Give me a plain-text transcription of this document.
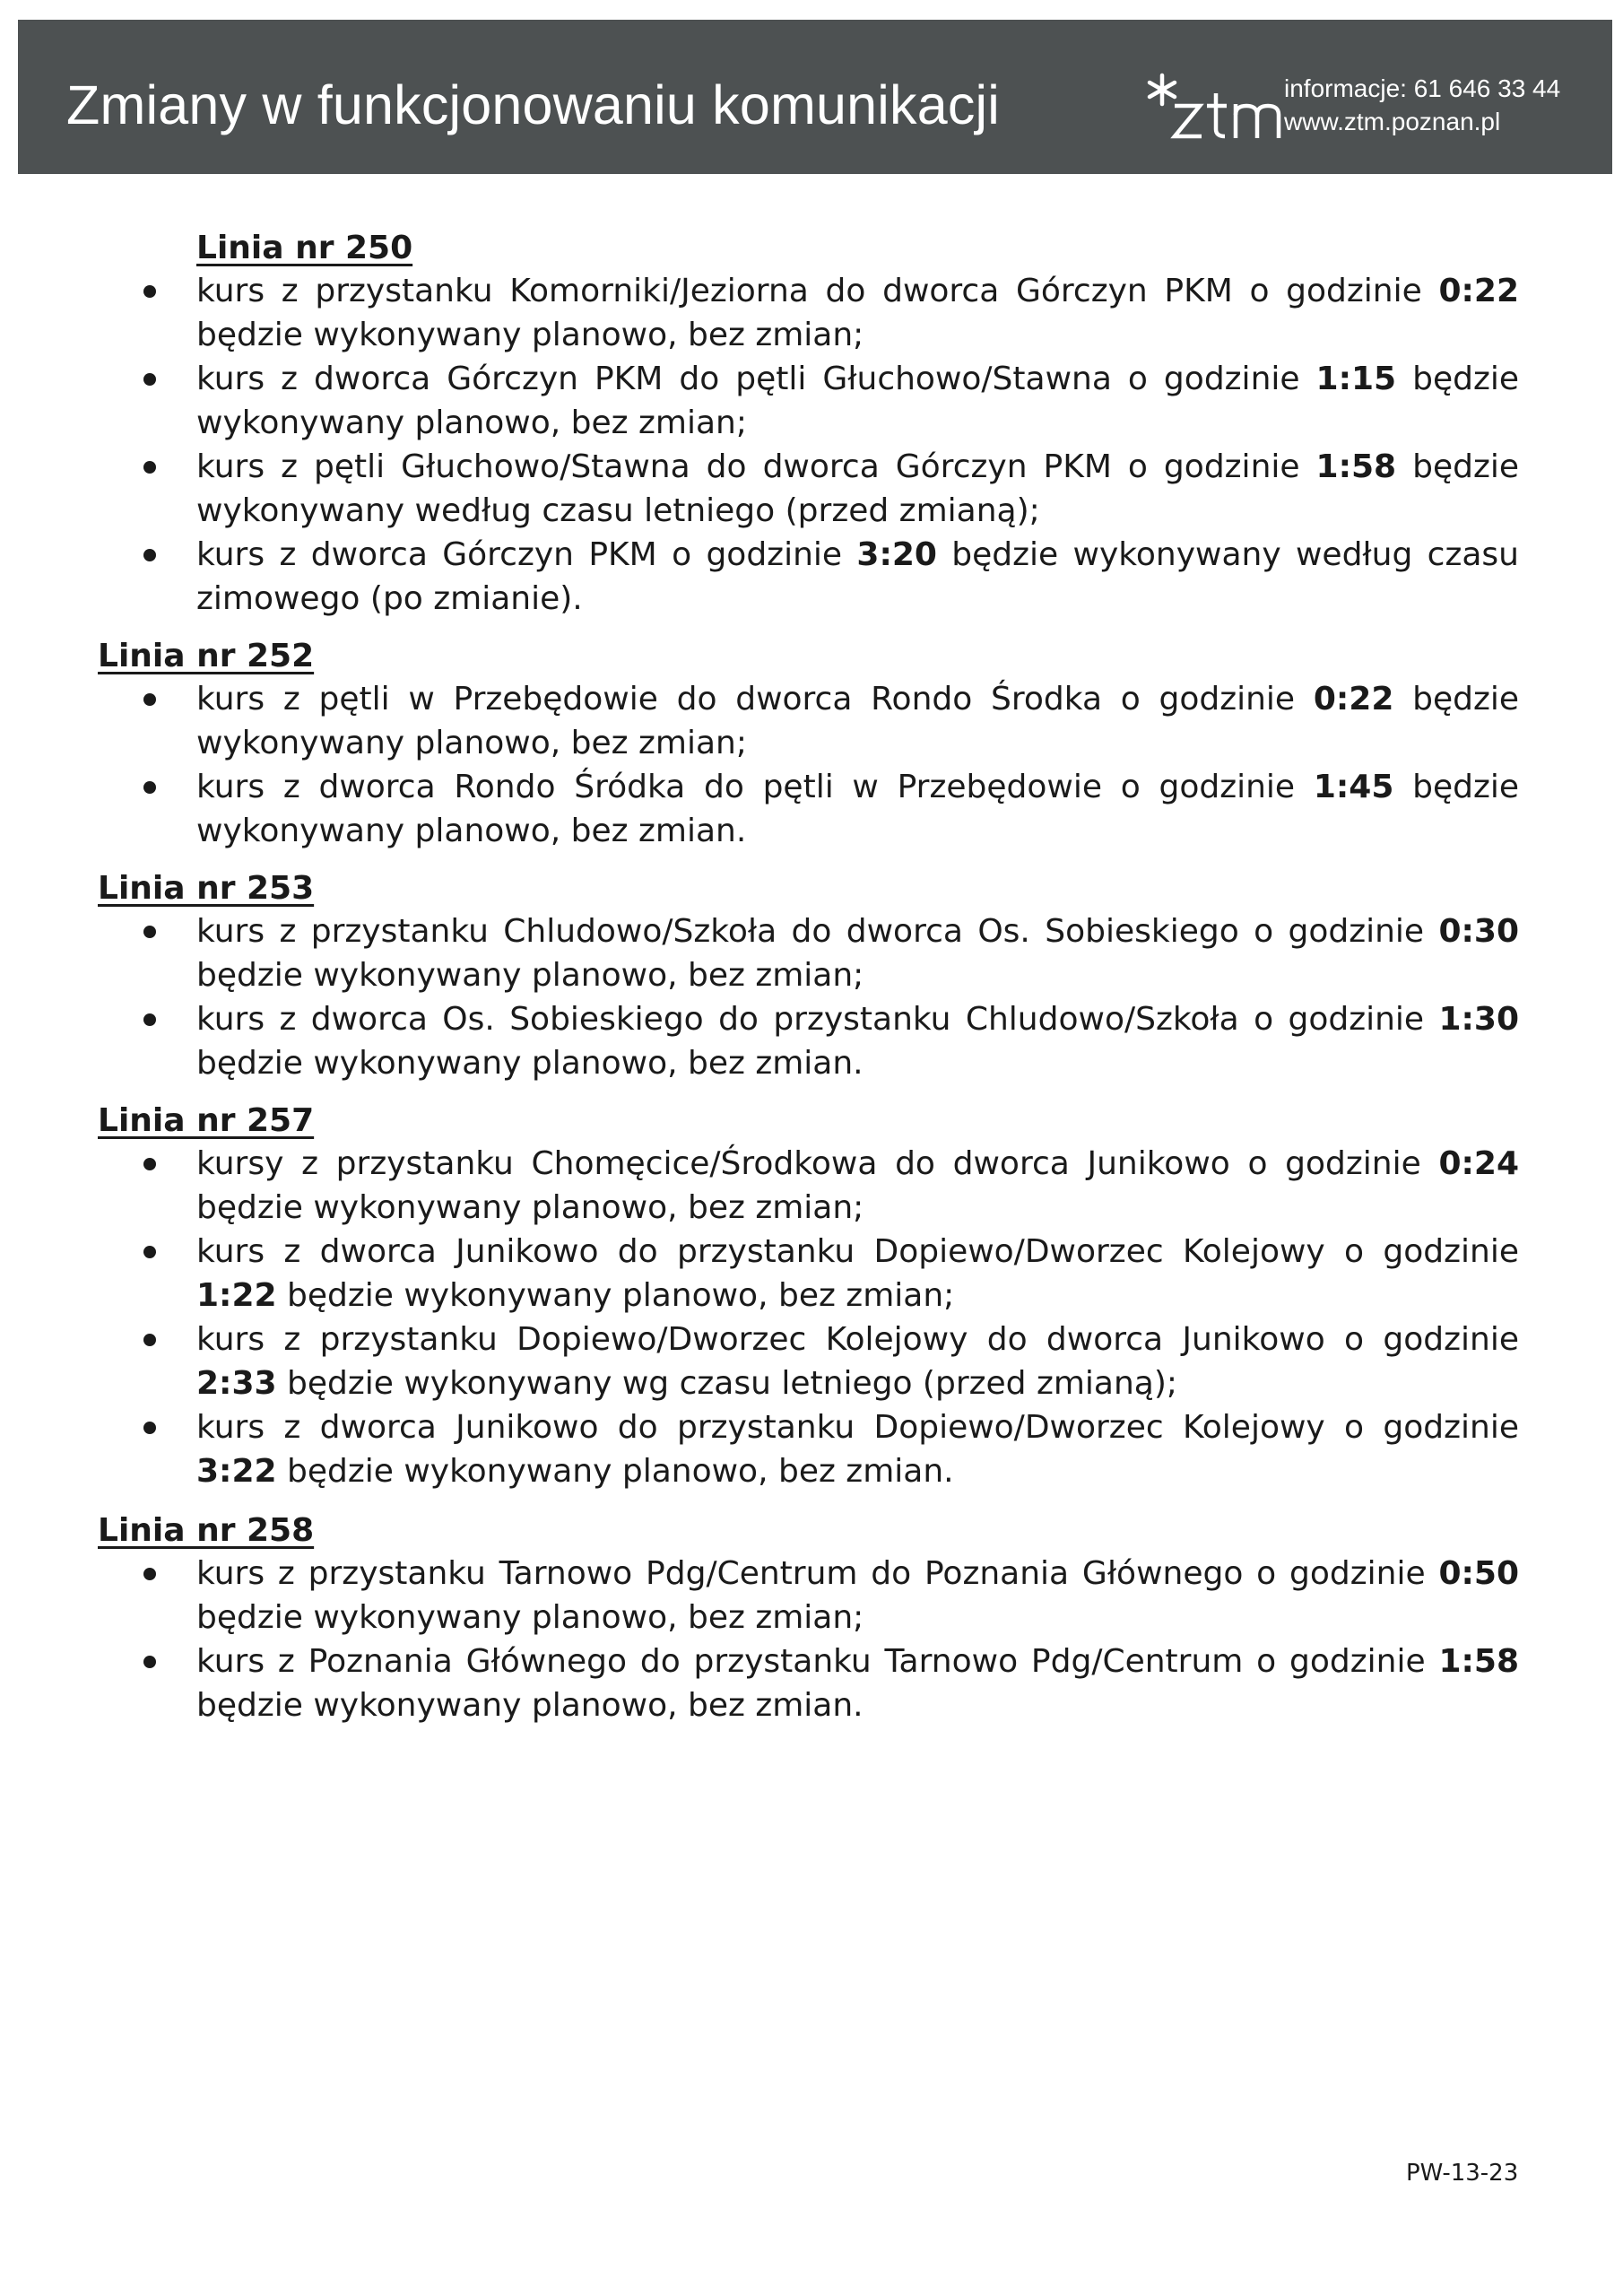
Zmiany w funkcjonowaniu komunikacji	informacje: 61 646 33 44
www.ztm.poznan.pl
Linia nr 250
kurs z przystanku Komorniki/Jeziorna do dworca Górczyn PKM o godzinie 0:22 będzie wykonywany planowo, bez zmian;
kurs z dworca Górczyn PKM do pętli Głuchowo/Stawna o godzinie 1:15 będzie wykonywany planowo, bez zmian;
kurs z pętli Głuchowo/Stawna do dworca Górczyn PKM o godzinie 1:58 będzie wykonywany według czasu letniego (przed zmianą);
kurs z dworca Górczyn PKM o godzinie 3:20 będzie wykonywany według czasu zimowego (po zmianie).
Linia nr 252
kurs z pętli w Przebędowie do dworca Rondo Środka o godzinie 0:22 będzie wykonywany planowo, bez zmian;
kurs z dworca Rondo Śródka do pętli w Przebędowie o godzinie 1:45 będzie wykonywany planowo, bez zmian.
Linia nr 253
kurs z przystanku Chludowo/Szkoła do dworca Os. Sobieskiego o godzinie 0:30 będzie wykonywany planowo, bez zmian;
kurs z dworca Os. Sobieskiego do przystanku Chludowo/Szkoła o godzinie 1:30 będzie wykonywany planowo, bez zmian.
Linia nr 257
kursy z przystanku Chomęcice/Środkowa do dworca Junikowo o godzinie 0:24 będzie wykonywany planowo, bez zmian;
kurs z dworca Junikowo do przystanku Dopiewo/Dworzec Kolejowy o godzinie 1:22 będzie wykonywany planowo, bez zmian;
kurs z przystanku Dopiewo/Dworzec Kolejowy do dworca Junikowo o godzinie 2:33 będzie wykonywany wg czasu letniego (przed zmianą);
kurs z dworca Junikowo do przystanku Dopiewo/Dworzec Kolejowy o godzinie 3:22 będzie wykonywany planowo, bez zmian.
Linia nr 258
kurs z przystanku Tarnowo Pdg/Centrum do Poznania Głównego o godzinie 0:50 będzie wykonywany planowo, bez zmian;
kurs z Poznania Głównego do przystanku Tarnowo Pdg/Centrum o godzinie 1:58 będzie wykonywany planowo, bez zmian.
PW-13-23
